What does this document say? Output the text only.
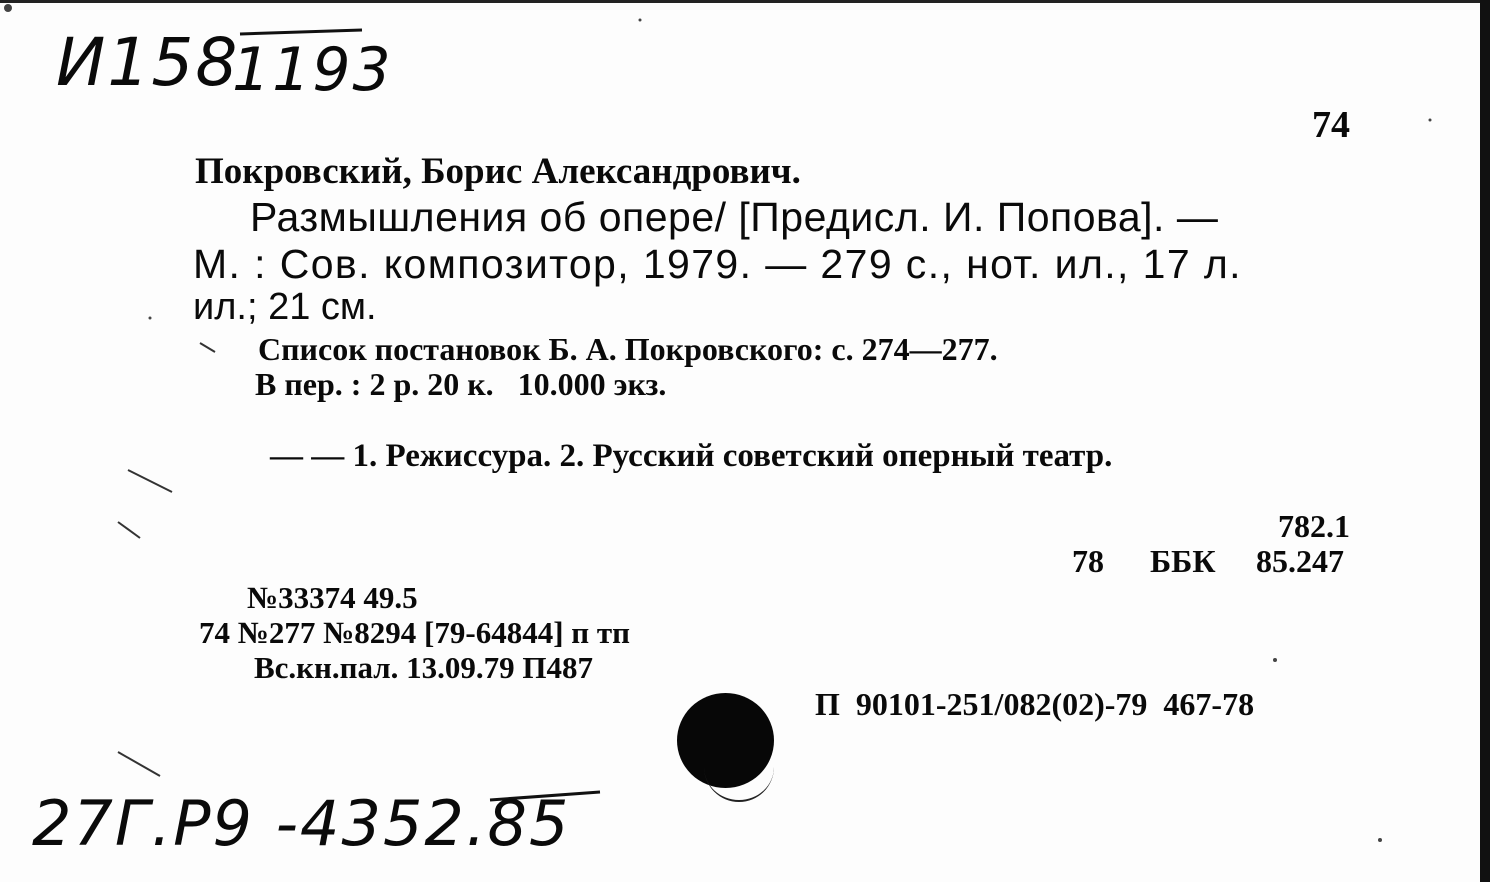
И158
1193
74
Покровский, Борис Александрович.
Размышления об опере/ [Предисл. И. Попова]. —
М. : Сов. композитор, 1979. — 279 с., нот. ил., 17 л.
ил.; 21 см.
Список постановок Б. А. Покровского: с. 274—277.
В пер. : 2 р. 20 к.   10.000 экз.
— — 1. Режиссура. 2. Русский советский оперный театр.
782.1
78 ББК 85.247
№33374 49.5
74 №277 №8294 [79-64844] п тп
Вс.кн.пал. 13.09.79 П487
П  90101-251/082(02)-79  467-78
27Г.Р9 -4352.85
